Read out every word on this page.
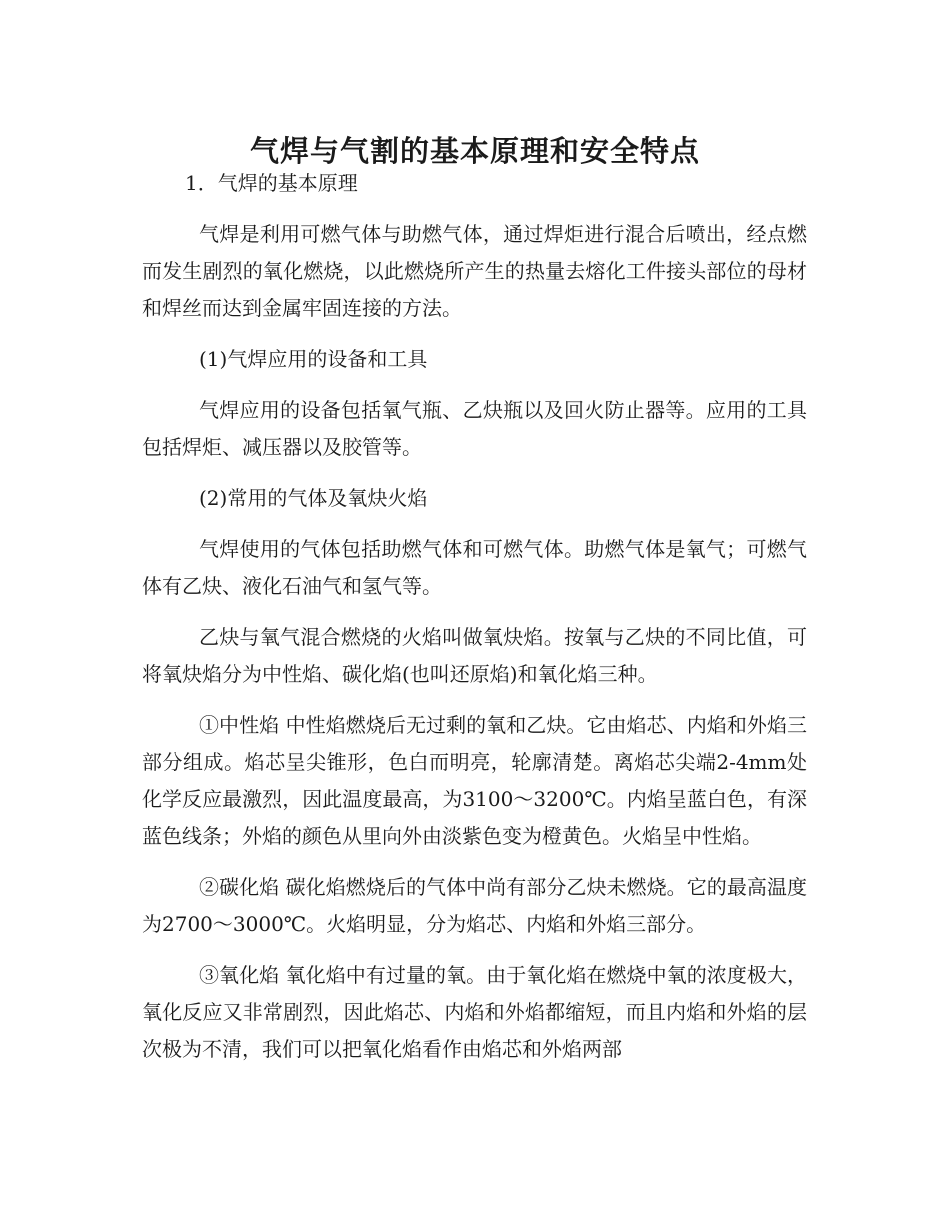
气焊与气割的基本原理和安全特点

1．气焊的基本原理

气焊是利用可燃气体与助燃气体，通过焊炬进行混合后喷出，经点燃而发生剧烈的氧化燃烧，以此燃烧所产生的热量去熔化工件接头部位的母材和焊丝而达到金属牢固连接的方法。

(1)气焊应用的设备和工具

气焊应用的设备包括氧气瓶、乙炔瓶以及回火防止器等。应用的工具包括焊炬、减压器以及胶管等。

(2)常用的气体及氧炔火焰

气焊使用的气体包括助燃气体和可燃气体。助燃气体是氧气；可燃气体有乙炔、液化石油气和氢气等。

乙炔与氧气混合燃烧的火焰叫做氧炔焰。按氧与乙炔的不同比值，可将氧炔焰分为中性焰、碳化焰(也叫还原焰)和氧化焰三种。

①中性焰 中性焰燃烧后无过剩的氧和乙炔。它由焰芯、内焰和外焰三部分组成。焰芯呈尖锥形，色白而明亮，轮廓清楚。离焰芯尖端2-4mm处化学反应最激烈，因此温度最高，为3100～3200℃。内焰呈蓝白色，有深蓝色线条；外焰的颜色从里向外由淡紫色变为橙黄色。火焰呈中性焰。

②碳化焰 碳化焰燃烧后的气体中尚有部分乙炔未燃烧。它的最高温度为2700～3000℃。火焰明显，分为焰芯、内焰和外焰三部分。

③氧化焰 氧化焰中有过量的氧。由于氧化焰在燃烧中氧的浓度极大，氧化反应又非常剧烈，因此焰芯、内焰和外焰都缩短，而且内焰和外焰的层次极为不清，我们可以把氧化焰看作由焰芯和外焰两部
